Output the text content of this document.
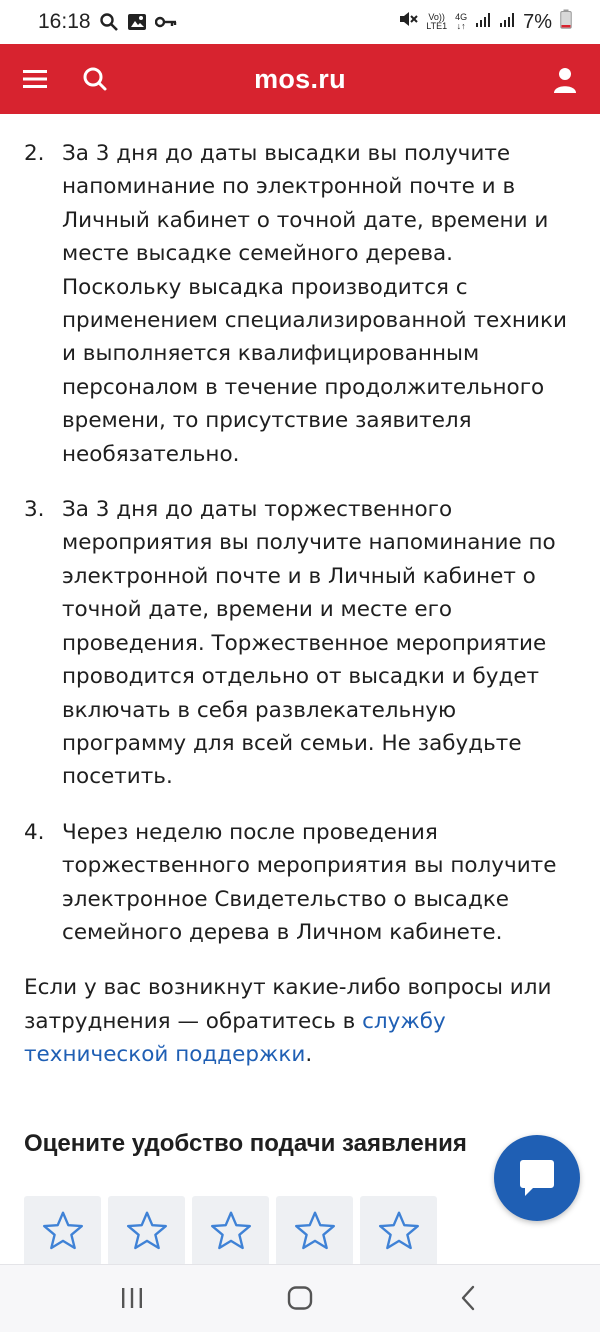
16:18	Vo))
LTE1
4G
↓↑	7%
mos.ru
2. За 3 дня до даты высадки вы получите напоминание по электронной почте и в Личный кабинет о точной дате, времени и месте высадке семейного дерева. Поскольку высадка производится с применением специализированной техники и выполняется квалифицированным персоналом в течение продолжительного времени, то присутствие заявителя необязательно.
3. За 3 дня до даты торжественного мероприятия вы получите напоминание по электронной почте и в Личный кабинет о точной дате, времени и месте его проведения. Торжественное мероприятие проводится отдельно от высадки и будет включать в себя развлекательную программу для всей семьи. Не забудьте посетить.
4. Через неделю после проведения торжественного мероприятия вы получите электронное Свидетельство о высадке семейного дерева в Личном кабинете.
Если у вас возникнут какие-либо вопросы или затруднения — обратитесь в службу технической поддержки.
Оцените удобство подачи заявления
